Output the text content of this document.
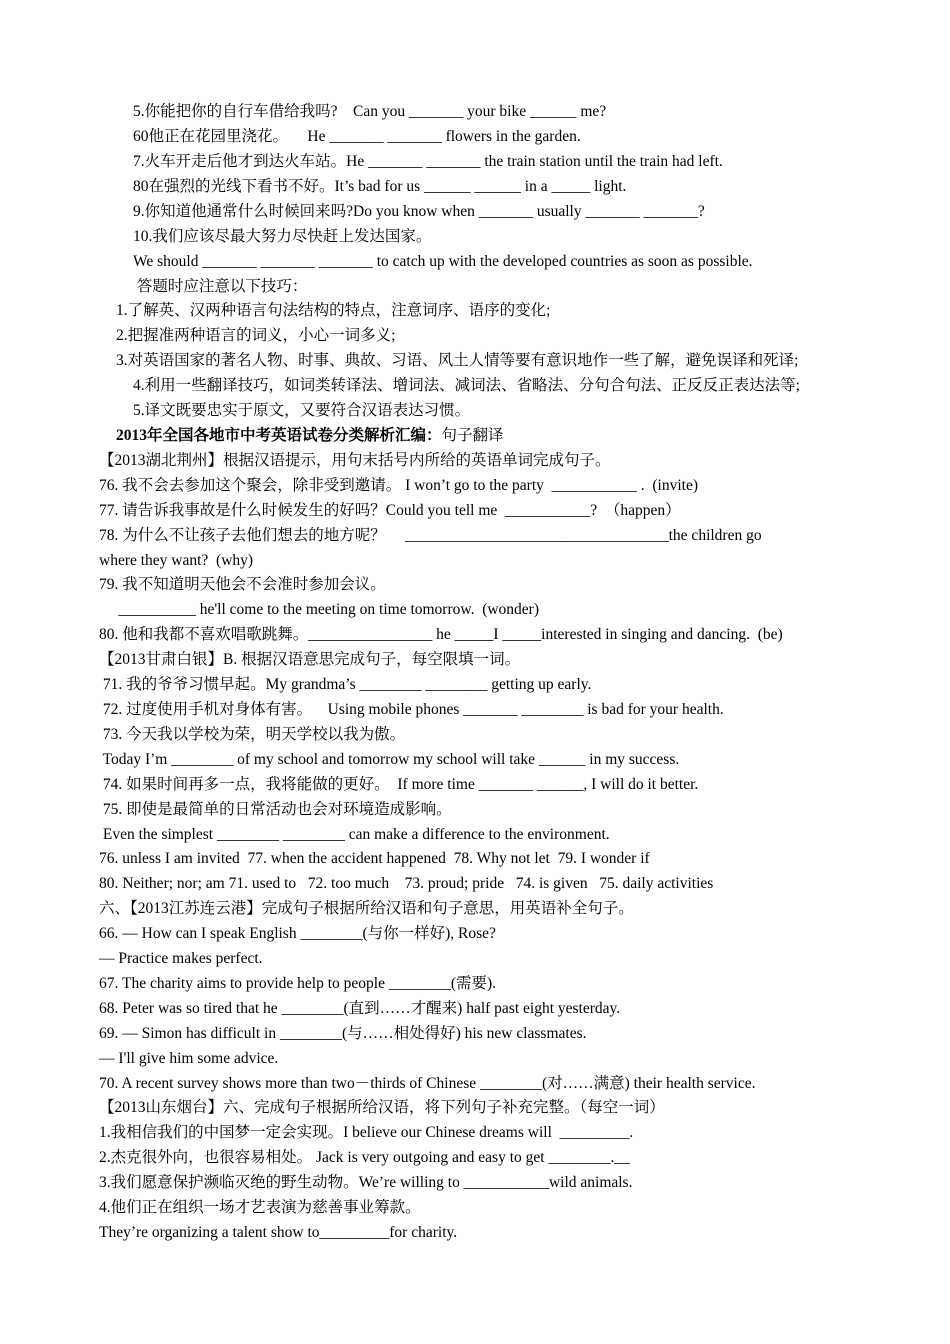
5.你能把你的自行车借给我吗?    Can you _______ your bike ______ me?
60他正在花园里浇花。     He _______ _______ flowers in the garden.
7.火车开走后他才到达火车站。He _______ _______ the train station until the train had left.
80在强烈的光线下看书不好。It’s bad for us ______ ______ in a _____ light.
9.你知道他通常什么时候回来吗?Do you know when _______ usually _______ _______?
10.我们应该尽最大努力尽快赶上发达国家。
We should _______ _______ _______ to catch up with the developed countries as soon as possible.
答题时应注意以下技巧：
1.了解英、汉两种语言句法结构的特点，注意词序、语序的变化;
2.把握准两种语言的词义，小心一词多义;
3.对英语国家的著名人物、时事、典故、习语、风土人情等要有意识地作一些了解，避免误译和死译;
4.利用一些翻译技巧，如词类转译法、增词法、减词法、省略法、分句合句法、正反反正表达法等;
5.译文既要忠实于原文，又要符合汉语表达习惯。
2013年全国各地市中考英语试卷分类解析汇编：句子翻译
【2013湖北荆州】根据汉语提示，用句末括号内所给的英语单词完成句子。
76. 我不会去参加这个聚会，除非受到邀请。 I won’t go to the party  ___________ .  (invite)
77. 请告诉我事故是什么时候发生的好吗？Could you tell me  ___________?  （happen）
78. 为什么不让孩子去他们想去的地方呢？     __________________________________the children go
where they want?  (why)
79. 我不知道明天他会不会准时参加会议。
__________ he'll come to the meeting on time tomorrow.  (wonder)
80. 他和我都不喜欢唱歌跳舞。________________ he _____I _____interested in singing and dancing.  (be)
【2013甘肃白银】B. 根据汉语意思完成句子，每空限填一词。
71. 我的爷爷习惯早起。My grandma’s ________ ________ getting up early.
72. 过度使用手机对身体有害。    Using mobile phones _______ ________ is bad for your health.
73. 今天我以学校为荣，明天学校以我为傲。
Today I’m ________ of my school and tomorrow my school will take ______ in my success.
74. 如果时间再多一点，我将能做的更好。  If more time _______ ______, I will do it better.
75. 即使是最简单的日常活动也会对环境造成影响。
Even the simplest ________ ________ can make a difference to the environment.
76. unless I am invited  77. when the accident happened  78. Why not let  79. I wonder if
80. Neither; nor; am 71. used to   72. too much    73. proud; pride   74. is given   75. daily activities
六、【2013江苏连云港】完成句子根据所给汉语和句子意思，用英语补全句子。
66. — How can I speak English ________(与你一样好), Rose?
— Practice makes perfect.
67. The charity aims to provide help to people ________(需要).
68. Peter was so tired that he ________(直到……才醒来) half past eight yesterday.
69. — Simon has difficult in ________(与……相处得好) his new classmates.
— I'll give him some advice.
70. A recent survey shows more than two－thirds of Chinese ________(对……满意) their health service.
【2013山东烟台】六、完成句子根据所给汉语，将下列句子补充完整。（每空一词）
1.我相信我们的中国梦一定会实现。I believe our Chinese dreams will  _________.
2.杰克很外向，也很容易相处。 Jack is very outgoing and easy to get ________.__
3.我们愿意保护濒临灭绝的野生动物。We’re willing to ___________wild animals.
4.他们正在组织一场才艺表演为慈善事业筹款。
They’re organizing a talent show to_________for charity.
